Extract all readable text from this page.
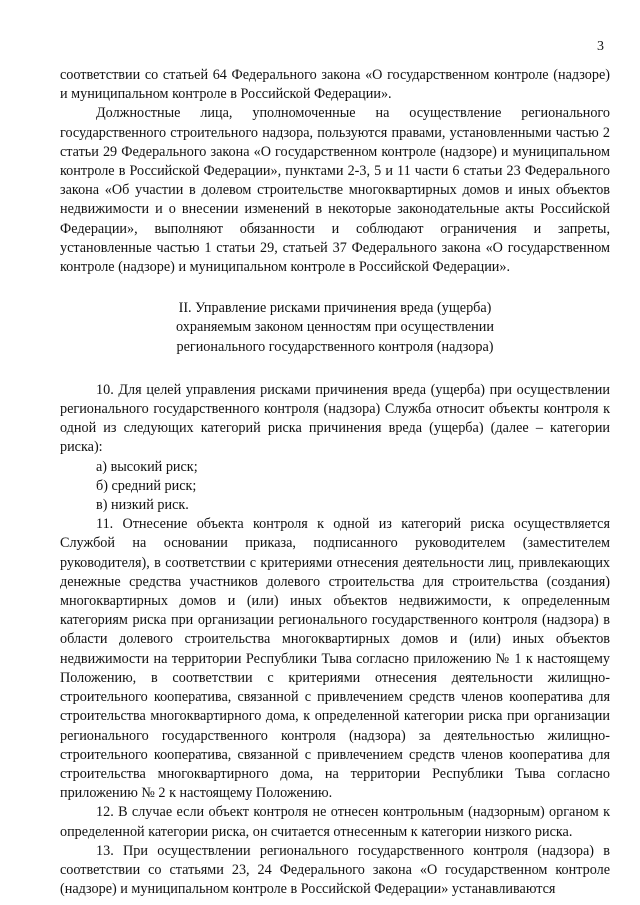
3

соответствии со статьей 64 Федерального закона «О государственном контроле (надзоре) и муниципальном контроле в Российской Федерации».

Должностные лица, уполномоченные на осуществление регионального государственного строительного надзора, пользуются правами, установленными частью 2 статьи 29 Федерального закона «О государственном контроле (надзоре) и муниципальном контроле в Российской Федерации», пунктами 2-3, 5 и 11 части 6 статьи 23 Федерального закона «Об участии в долевом строительстве многоквартирных домов и иных объектов недвижимости и о внесении изменений в некоторые законодательные акты Российской Федерации», выполняют обязанности и соблюдают ограничения и запреты, установленные частью 1 статьи 29, статьей 37 Федерального закона «О государственном контроле (надзоре) и муниципальном контроле в Российской Федерации».

II. Управление рисками причинения вреда (ущерба)
охраняемым законом ценностям при осуществлении
регионального государственного контроля (надзора)

10. Для целей управления рисками причинения вреда (ущерба) при осуществлении регионального государственного контроля (надзора) Служба относит объекты контроля к одной из следующих категорий риска причинения вреда (ущерба) (далее – категории риска):

а) высокий риск;

б) средний риск;

в) низкий риск.

11. Отнесение объекта контроля к одной из категорий риска осуществляется Службой на основании приказа, подписанного руководителем (заместителем руководителя), в соответствии с критериями отнесения деятельности лиц, привлекающих денежные средства участников долевого строительства для строительства (создания) многоквартирных домов и (или) иных объектов недвижимости, к определенным категориям риска при организации регионального государственного контроля (надзора) в области долевого строительства многоквартирных домов и (или) иных объектов недвижимости на территории Республики Тыва согласно приложению № 1 к настоящему Положению, в соответствии с критериями отнесения деятельности жилищно-строительного кооператива, связанной с привлечением средств членов кооператива для строительства многоквартирного дома, к определенной категории риска при организации регионального государственного контроля (надзора) за деятельностью жилищно-строительного кооператива, связанной с привлечением средств членов кооператива для строительства многоквартирного дома, на территории Республики Тыва согласно приложению № 2 к настоящему Положению.

12. В случае если объект контроля не отнесен контрольным (надзорным) органом к определенной категории риска, он считается отнесенным к категории низкого риска.

13. При осуществлении регионального государственного контроля (надзора) в соответствии со статьями 23, 24 Федерального закона «О государственном контроле (надзоре) и муниципальном контроле в Российской Федерации» устанавливаются
